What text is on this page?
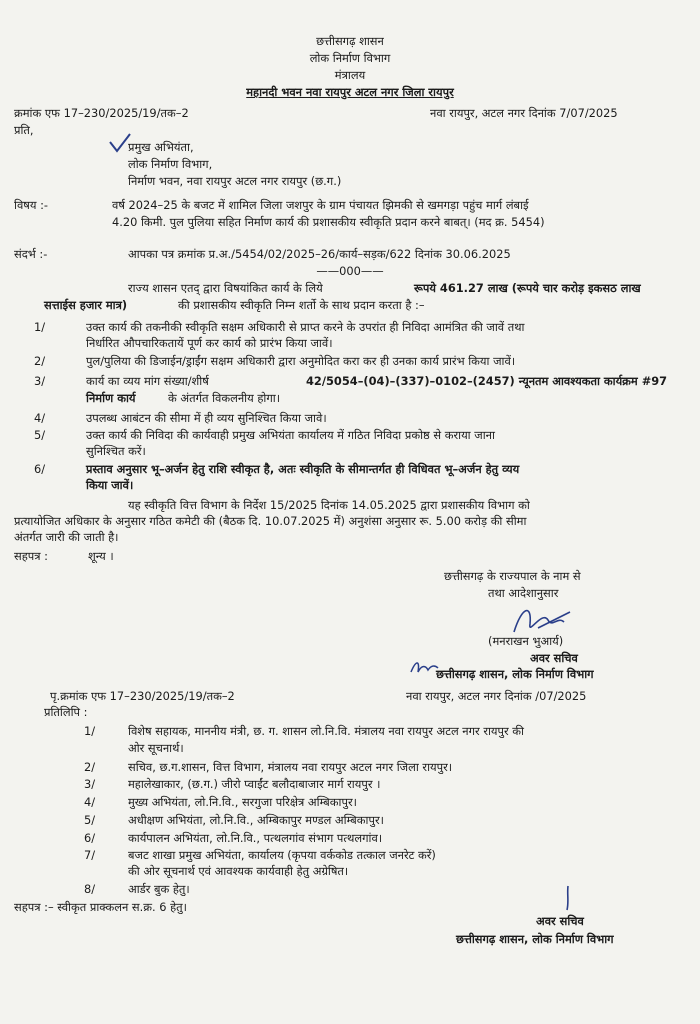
छत्तीसगढ़ शासन
लोक निर्माण विभाग
मंत्रालय
महानदी भवन नवा रायपुर अटल नगर जिला रायपुर
क्रमांक एफ 17–230/2025/19/तक–2	नवा रायपुर, अटल नगर दिनांक 7/07/2025
प्रति,
प्रमुख अभियंता,
लोक निर्माण विभाग,
निर्माण भवन, नवा रायपुर अटल नगर रायपुर (छ.ग.)
विषय :-	वर्ष 2024–25 के बजट में शामिल जिला जशपुर के ग्राम पंचायत झिमकी से खमगड़ा पहुंच मार्ग लंबाई
4.20 किमी. पुल पुलिया सहित निर्माण कार्य की प्रशासकीय स्वीकृति प्रदान करने बाबत्। (मद क्र. 5454)
संदर्भ :-	आपका पत्र क्रमांक प्र.अ./5454/02/2025–26/कार्य–सड़क/622 दिनांक 30.06.2025
——000——
राज्य शासन एतद् द्वारा विषयांकित कार्य के लिये	रूपये 461.27 लाख (रूपये चार करोड़ इकसठ लाख
सत्ताईस हजार मात्र)	की प्रशासकीय स्वीकृति निम्न शर्तो के साथ प्रदान करता है :–
1/	उक्त कार्य की तकनीकी स्वीकृति सक्षम अधिकारी से प्राप्त करने के उपरांत ही निविदा आमंत्रित की जावें तथा
निर्धारित औपचारिकतायें पूर्ण कर कार्य को प्रारंभ किया जावें।
2/	पुल/पुलिया की डिजाईन/ड्राईंग सक्षम अधिकारी द्वारा अनुमोदित करा कर ही उनका कार्य प्रारंभ किया जावें।
3/	कार्य का व्यय मांग संख्या/शीर्ष	42/5054–(04)–(337)–0102–(2457) न्यूनतम आवश्यकता कार्यक्रम #97
निर्माण कार्य	के अंतर्गत विकलनीय होगा।
4/	उपलब्ध आबंटन की सीमा में ही व्यय सुनिश्चित किया जावे।
5/	उक्त कार्य की निविदा की कार्यवाही प्रमुख अभियंता कार्यालय में गठित निविदा प्रकोष्ठ से कराया जाना
सुनिश्चित करें।
6/	प्रस्ताव अनुसार भू–अर्जन हेतु राशि स्वीकृत है, अतः स्वीकृति के सीमान्तर्गत ही विधिवत भू–अर्जन हेतु व्यय
किया जावें।
यह स्वीकृति वित्त विभाग के निर्देश 15/2025 दिनांक 14.05.2025 द्वारा प्रशासकीय विभाग को
प्रत्यायोजित अधिकार के अनुसार गठित कमेटी की (बैठक दि. 10.07.2025 में) अनुशंसा अनुसार रू. 5.00 करोड़ की सीमा
अंतर्गत जारी की जाती है।
सहपत्र :	शून्य ।
छत्तीसगढ़ के राज्यपाल के नाम से
तथा आदेशानुसार
(मनराखन भुआर्य)
अवर सचिव
छत्तीसगढ़ शासन, लोक निर्माण विभाग
पृ.क्रमांक एफ 17–230/2025/19/तक–2	नवा रायपुर, अटल नगर दिनांक /07/2025
प्रतिलिपि :
1/	विशेष सहायक, माननीय मंत्री, छ. ग. शासन लो.नि.वि. मंत्रालय नवा रायपुर अटल नगर रायपुर की
ओर सूचनार्थ।
2/	सचिव, छ.ग.शासन, वित्त विभाग, मंत्रालय नवा रायपुर अटल नगर जिला रायपुर।
3/	महालेखाकार, (छ.ग.) जीरो प्वाईंट बलौदाबाजार मार्ग रायपुर ।
4/	मुख्य अभियंता, लो.नि.वि., सरगुजा परिक्षेत्र अम्बिकापुर।
5/	अधीक्षण अभियंता, लो.नि.वि., अम्बिकापुर मण्डल अम्बिकापुर।
6/	कार्यपालन अभियंता, लो.नि.वि., पत्थलगांव संभाग पत्थलगांव।
7/	बजट शाखा प्रमुख अभियंता, कार्यालय (कृपया वर्ककोड तत्काल जनरेट करें)
की ओर सूचनार्थ एवं आवश्यक कार्यवाही हेतु अग्रेषित।
8/	आर्डर बुक हेतु।
सहपत्र :– स्वीकृत प्राक्कलन स.क्र. 6 हेतु।
अवर सचिव
छत्तीसगढ़ शासन, लोक निर्माण विभाग
